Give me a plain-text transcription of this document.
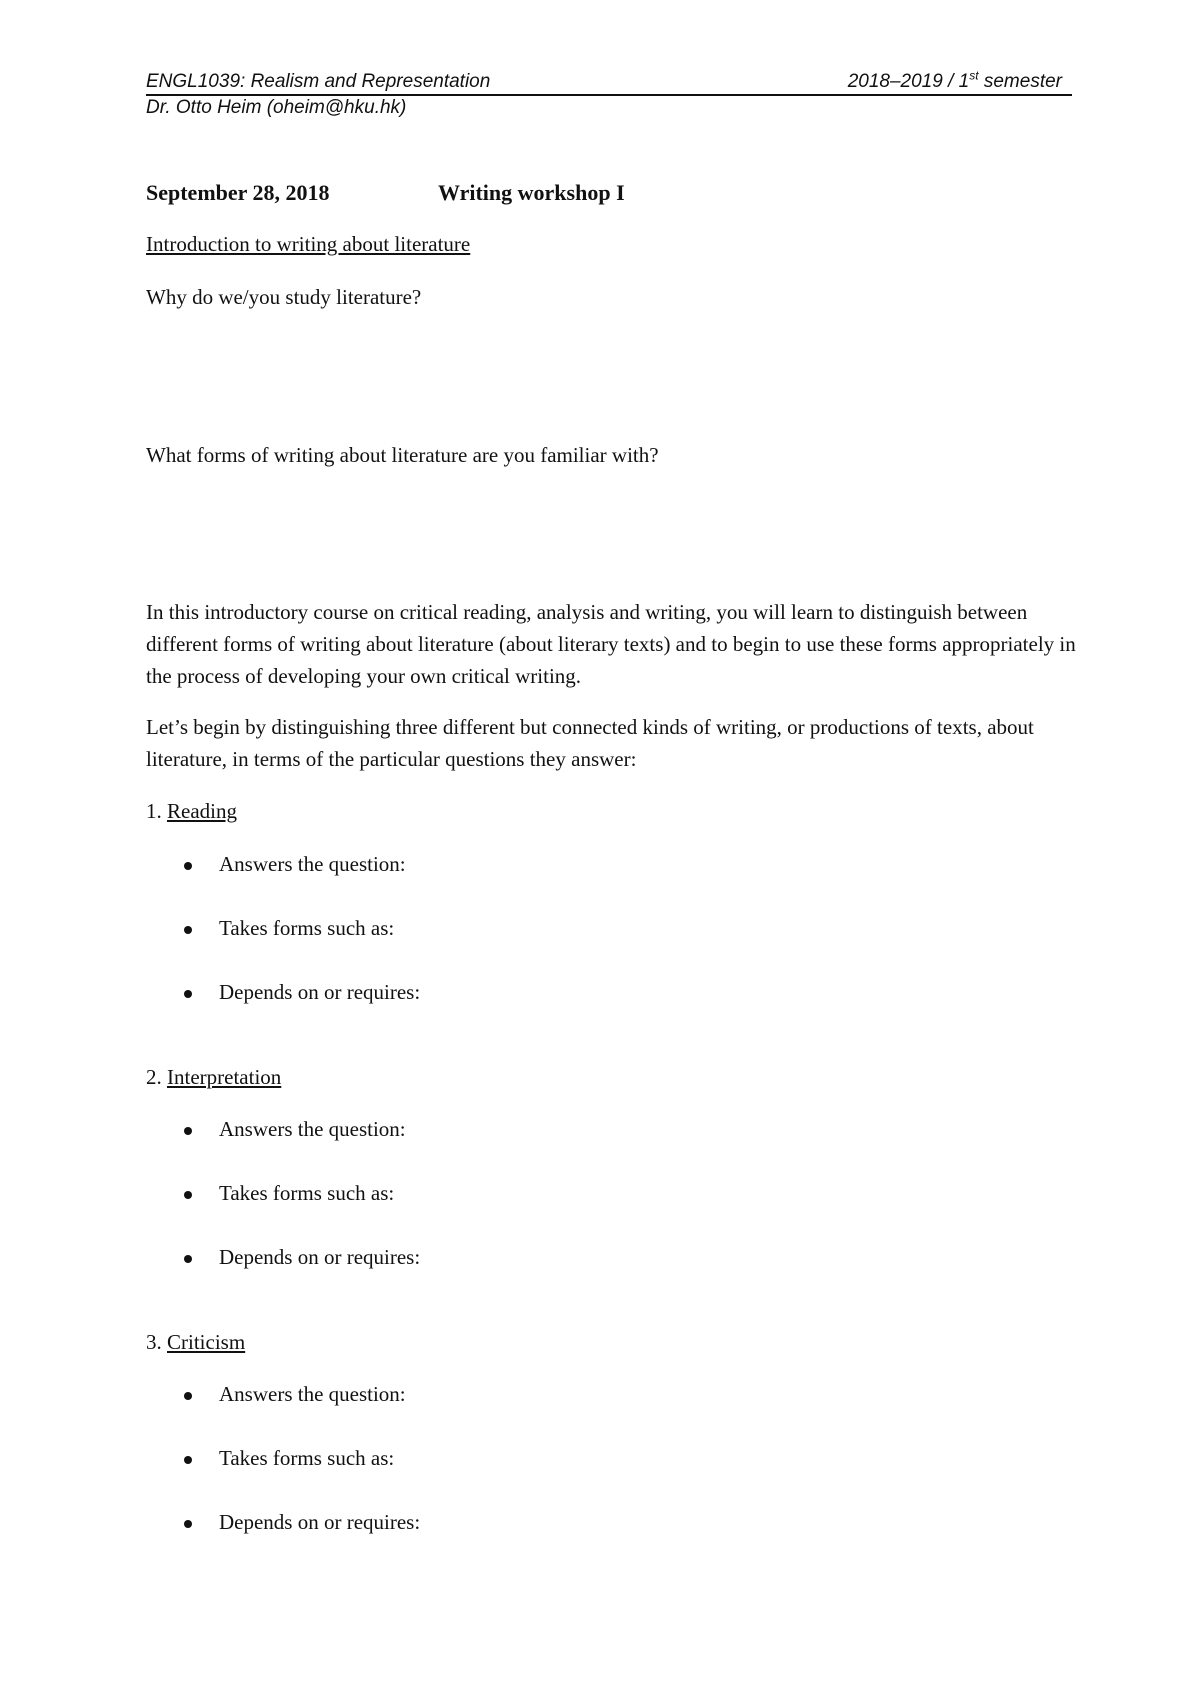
ENGL1039: Realism and Representation	2018–2019 / 1st semester
Dr. Otto Heim (oheim@hku.hk)
September 28, 2018	Writing workshop I
Introduction to writing about literature
Why do we/you study literature?
What forms of writing about literature are you familiar with?
In this introductory course on critical reading, analysis and writing, you will learn to distinguish between different forms of writing about literature (about literary texts) and to begin to use these forms appropriately in the process of developing your own critical writing.
Let’s begin by distinguishing three different but connected kinds of writing, or productions of texts, about literature, in terms of the particular questions they answer:
1. Reading
Answers the question:
Takes forms such as:
Depends on or requires:
2. Interpretation
Answers the question:
Takes forms such as:
Depends on or requires:
3. Criticism
Answers the question:
Takes forms such as:
Depends on or requires:
